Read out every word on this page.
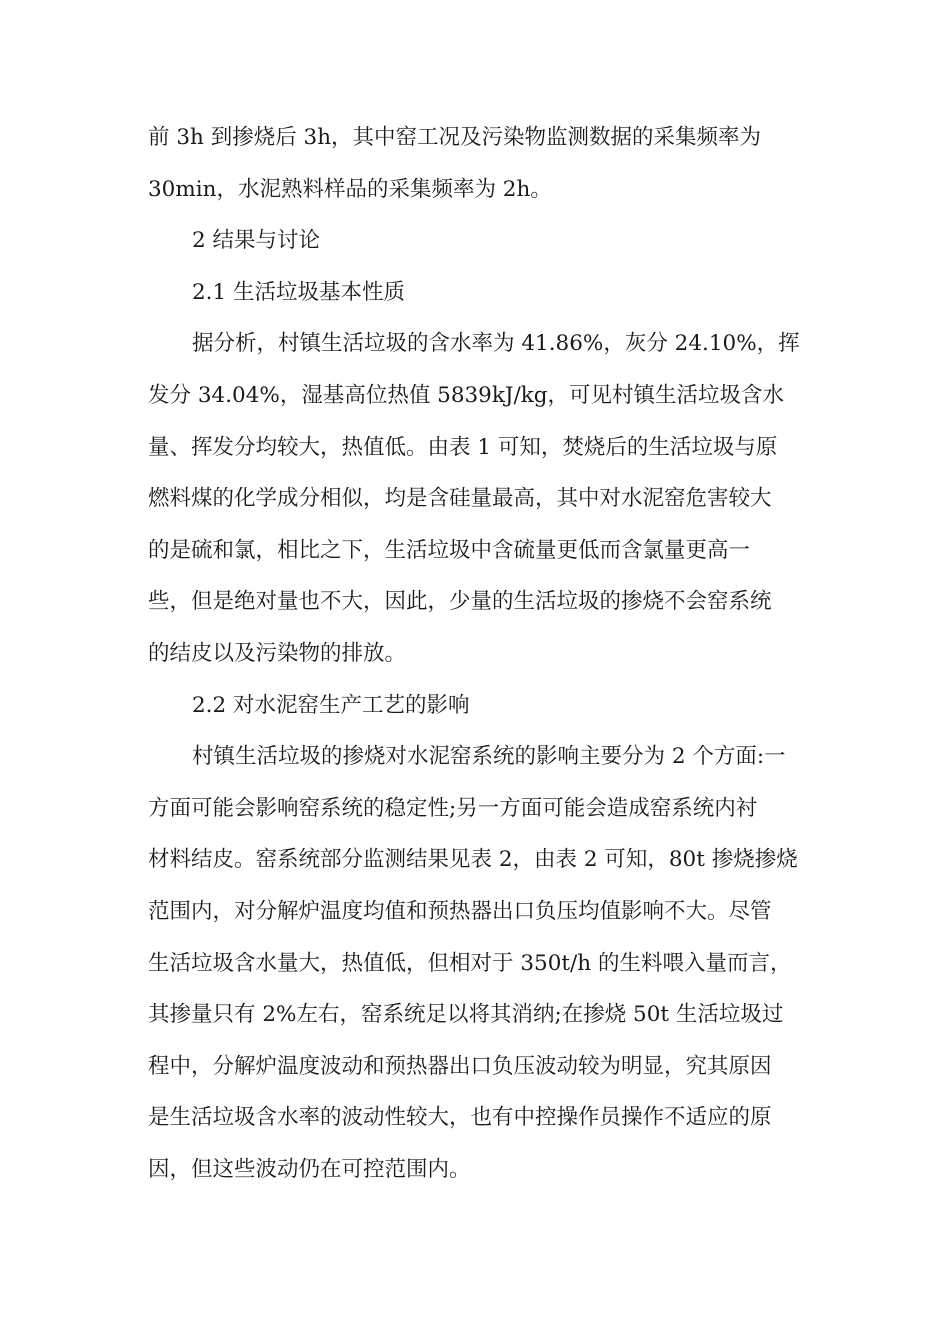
前 3h 到掺烧后 3h，其中窑工况及污染物监测数据的采集频率为
30min，水泥熟料样品的采集频率为 2h。
2 结果与讨论
2.1 生活垃圾基本性质
据分析，村镇生活垃圾的含水率为 41.86%，灰分 24.10%，挥
发分 34.04%，湿基高位热值 5839kJ/kg，可见村镇生活垃圾含水
量、挥发分均较大，热值低。由表 1 可知，焚烧后的生活垃圾与原
燃料煤的化学成分相似，均是含硅量最高，其中对水泥窑危害较大
的是硫和氯，相比之下，生活垃圾中含硫量更低而含氯量更高一
些，但是绝对量也不大，因此，少量的生活垃圾的掺烧不会窑系统
的结皮以及污染物的排放。
2.2 对水泥窑生产工艺的影响
村镇生活垃圾的掺烧对水泥窑系统的影响主要分为 2 个方面:一
方面可能会影响窑系统的稳定性;另一方面可能会造成窑系统内衬
材料结皮。窑系统部分监测结果见表 2，由表 2 可知，80t 掺烧掺烧
范围内，对分解炉温度均值和预热器出口负压均值影响不大。尽管
生活垃圾含水量大，热值低，但相对于 350t/h 的生料喂入量而言，
其掺量只有 2%左右，窑系统足以将其消纳;在掺烧 50t 生活垃圾过
程中，分解炉温度波动和预热器出口负压波动较为明显，究其原因
是生活垃圾含水率的波动性较大，也有中控操作员操作不适应的原
因，但这些波动仍在可控范围内。
